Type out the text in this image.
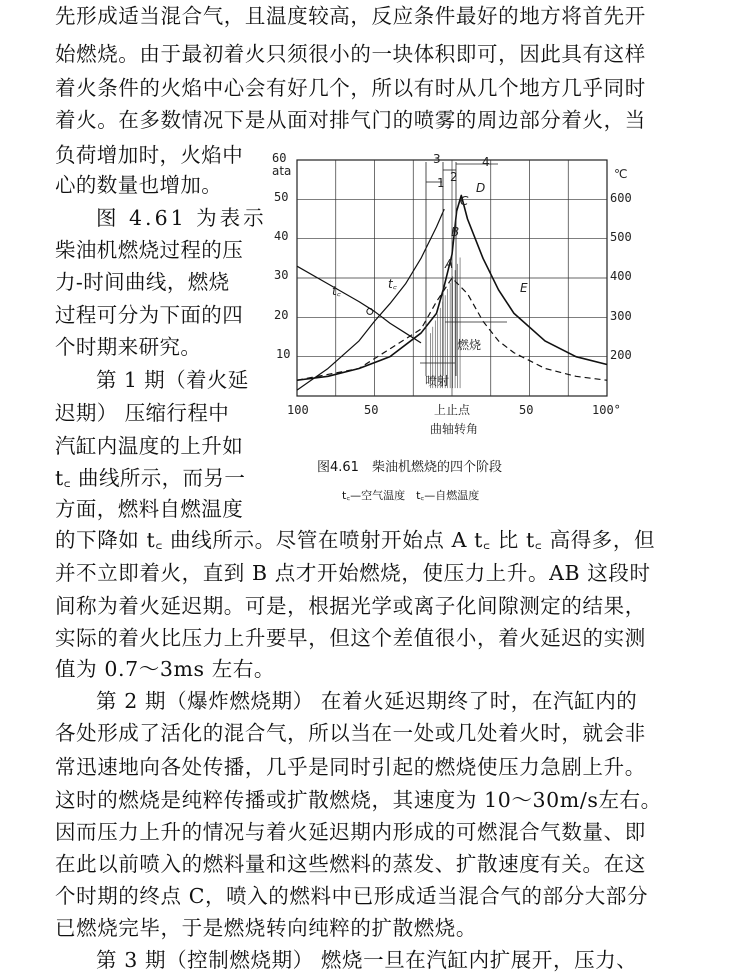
先形成适当混合气，且温度较高，反应条件最好的地方将首先开
始燃烧。由于最初着火只须很小的一块体积即可，因此具有这样
着火条件的火焰中心会有好几个，所以有时从几个地方几乎同时
着火。在多数情况下是从面对排气门的喷雾的周边部分着火，当
负荷增加时，火焰中
心的数量也增加。
图 4.61 为表示
柴油机燃烧过程的压
力-时间曲线，燃烧
过程可分为下面的四
个时期来研究。
第 1 期（着火延
迟期） 压缩行程中
汽缸内温度的上升如
t꜀ 曲线所示，而另一
方面，燃料自燃温度
60
ata
50
40
30
20
10
℃
600
500
400
300
200
100	50	上止点	50	100°
曲轴转角
3
2
1
4
A
B
C
D
E
t꜀	t꜀
喷射
燃烧
图4.61　柴油机燃烧的四个阶段
t꜀—空气温度　t꜀—自燃温度
的下降如 t꜀ 曲线所示。尽管在喷射开始点 A t꜀ 比 t꜀ 高得多，但
并不立即着火，直到 B 点才开始燃烧，使压力上升。AB 这段时
间称为着火延迟期。可是，根据光学或离子化间隙测定的结果，
实际的着火比压力上升要早，但这个差值很小，着火延迟的实测
值为 0.7～3ms 左右。
第 2 期（爆炸燃烧期） 在着火延迟期终了时，在汽缸内的
各处形成了活化的混合气，所以当在一处或几处着火时，就会非
常迅速地向各处传播，几乎是同时引起的燃烧使压力急剧上升。
这时的燃烧是纯粹传播或扩散燃烧，其速度为 10～30m/s左右。
因而压力上升的情况与着火延迟期内形成的可燃混合气数量、即
在此以前喷入的燃料量和这些燃料的蒸发、扩散速度有关。在这
个时期的终点 C，喷入的燃料中已形成适当混合气的部分大部分
已燃烧完毕，于是燃烧转向纯粹的扩散燃烧。
第 3 期（控制燃烧期） 燃烧一旦在汽缸内扩展开，压力、
